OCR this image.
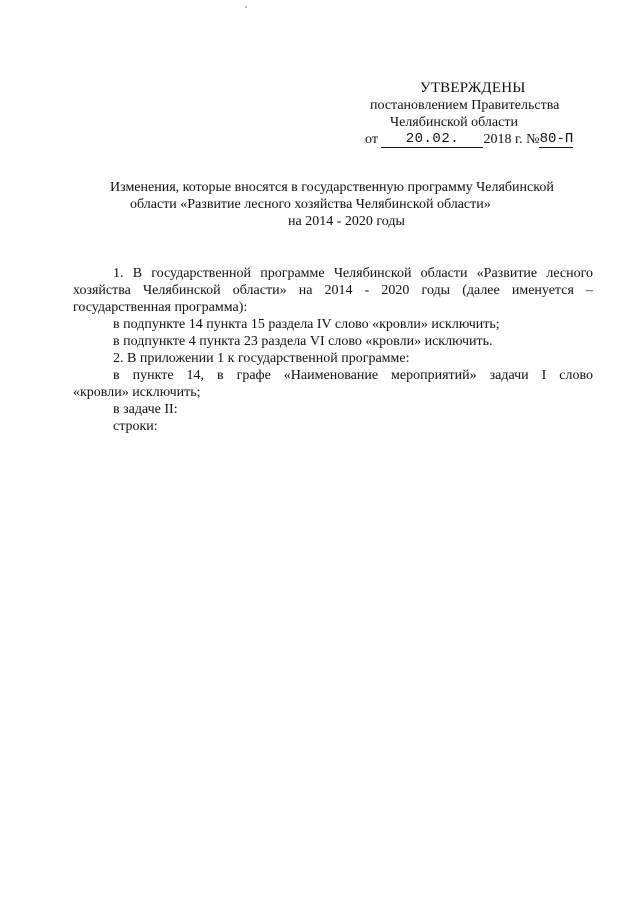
УТВЕРЖДЕНЫ
постановлением Правительства
Челябинской области
от 20.02. 2018 г. №80-П
Изменения, которые вносятся в государственную программу Челябинской
области «Развитие лесного хозяйства Челябинской области»
на 2014 - 2020 годы
1. В государственной программе Челябинской области «Развитие лесного
хозяйства Челябинской области» на 2014 - 2020 годы (далее именуется –
государственная программа):
в подпункте 14 пункта 15 раздела IV слово «кровли» исключить;
в подпункте 4 пункта 23 раздела VI слово «кровли» исключить.
2. В приложении 1 к государственной программе:
в пункте 14, в графе «Наименование мероприятий» задачи I слово
«кровли» исключить;
в задаче II:
строки:
